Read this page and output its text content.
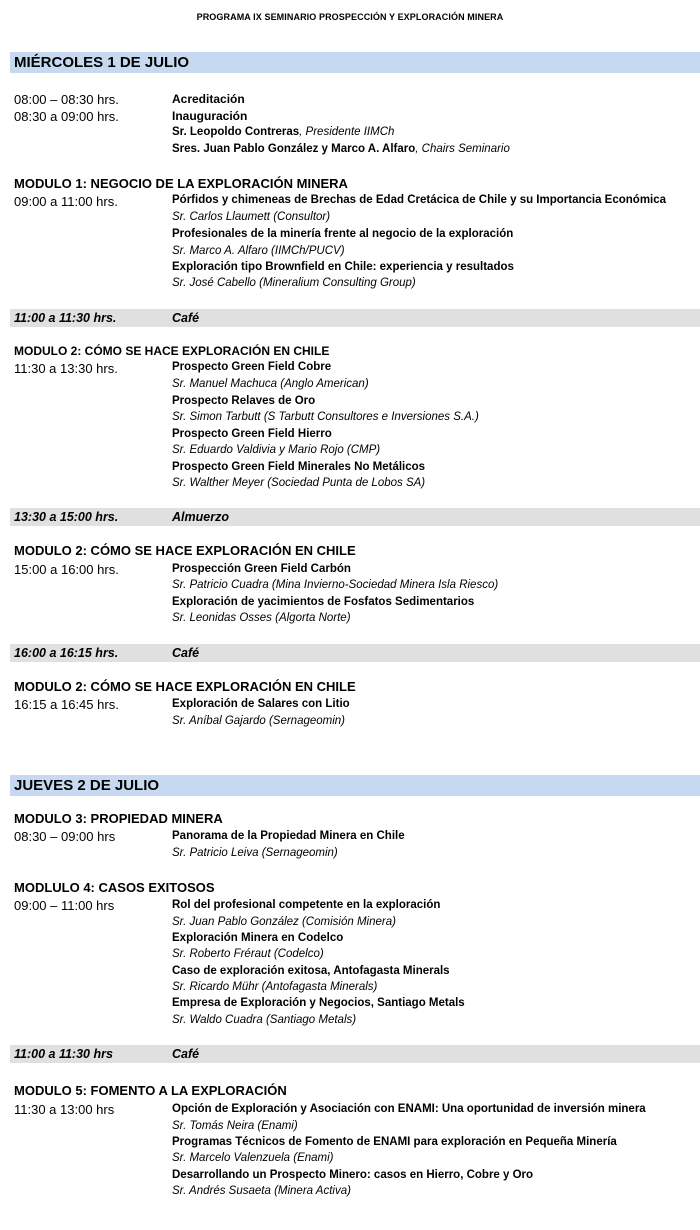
PROGRAMA IX SEMINARIO PROSPECCIÓN Y EXPLORACIÓN MINERA
MIÉRCOLES 1 DE JULIO
08:00 – 08:30 hrs.	Acreditación
08:30 a 09:00 hrs.	Inauguración
Sr. Leopoldo Contreras, Presidente IIMCh
Sres. Juan Pablo González y Marco A. Alfaro, Chairs Seminario
MODULO 1: NEGOCIO DE LA EXPLORACIÓN MINERA
09:00 a 11:00 hrs.	Pórfidos y chimeneas de Brechas de Edad Cretácica de Chile y su Importancia Económica
Sr. Carlos Llaumett (Consultor)
Profesionales de la minería frente al negocio de la exploración
Sr. Marco A. Alfaro (IIMCh/PUCV)
Exploración tipo Brownfield en Chile: experiencia y resultados
Sr. José Cabello (Mineralium Consulting Group)
11:00 a 11:30 hrs.	Café
MODULO 2: CÓMO SE HACE EXPLORACIÓN EN CHILE
11:30 a 13:30 hrs.	Prospecto Green Field Cobre
Sr. Manuel Machuca (Anglo American)
Prospecto Relaves de Oro
Sr. Simon Tarbutt (S Tarbutt Consultores e Inversiones S.A.)
Prospecto Green Field Hierro
Sr. Eduardo Valdivia y Mario Rojo (CMP)
Prospecto Green Field Minerales No Metálicos
Sr. Walther Meyer (Sociedad Punta de Lobos SA)
13:30 a 15:00 hrs.	Almuerzo
MODULO 2: CÓMO SE HACE EXPLORACIÓN EN CHILE
15:00 a 16:00 hrs.	Prospección Green Field Carbón
Sr. Patricio Cuadra (Mina Invierno-Sociedad Minera Isla Riesco)
Exploración de yacimientos de Fosfatos Sedimentarios
Sr. Leonidas Osses (Algorta Norte)
16:00 a 16:15 hrs.	Café
MODULO 2: CÓMO SE HACE EXPLORACIÓN EN CHILE
16:15 a 16:45 hrs.	Exploración de Salares con Litio
Sr. Aníbal Gajardo (Sernageomin)
JUEVES 2 DE JULIO
MODULO 3: PROPIEDAD MINERA
08:30 – 09:00 hrs	Panorama de la Propiedad Minera en Chile
Sr. Patricio Leiva (Sernageomin)
MODLULO 4: CASOS EXITOSOS
09:00 – 11:00 hrs	Rol del profesional competente en la exploración
Sr. Juan Pablo González (Comisión Minera)
Exploración Minera en Codelco
Sr. Roberto Fréraut (Codelco)
Caso de exploración exitosa, Antofagasta Minerals
Sr. Ricardo Mühr (Antofagasta Minerals)
Empresa de Exploración y Negocios, Santiago Metals
Sr. Waldo Cuadra (Santiago Metals)
11:00 a 11:30 hrs	Café
MODULO 5: FOMENTO A LA EXPLORACIÓN
11:30 a 13:00 hrs	Opción de Exploración y Asociación con ENAMI: Una oportunidad de inversión minera
Sr. Tomás Neira (Enami)
Programas Técnicos de Fomento de ENAMI para exploración en Pequeña Minería
Sr. Marcelo Valenzuela (Enami)
Desarrollando un Prospecto Minero: casos en Hierro, Cobre y Oro
Sr. Andrés Susaeta (Minera Activa)
